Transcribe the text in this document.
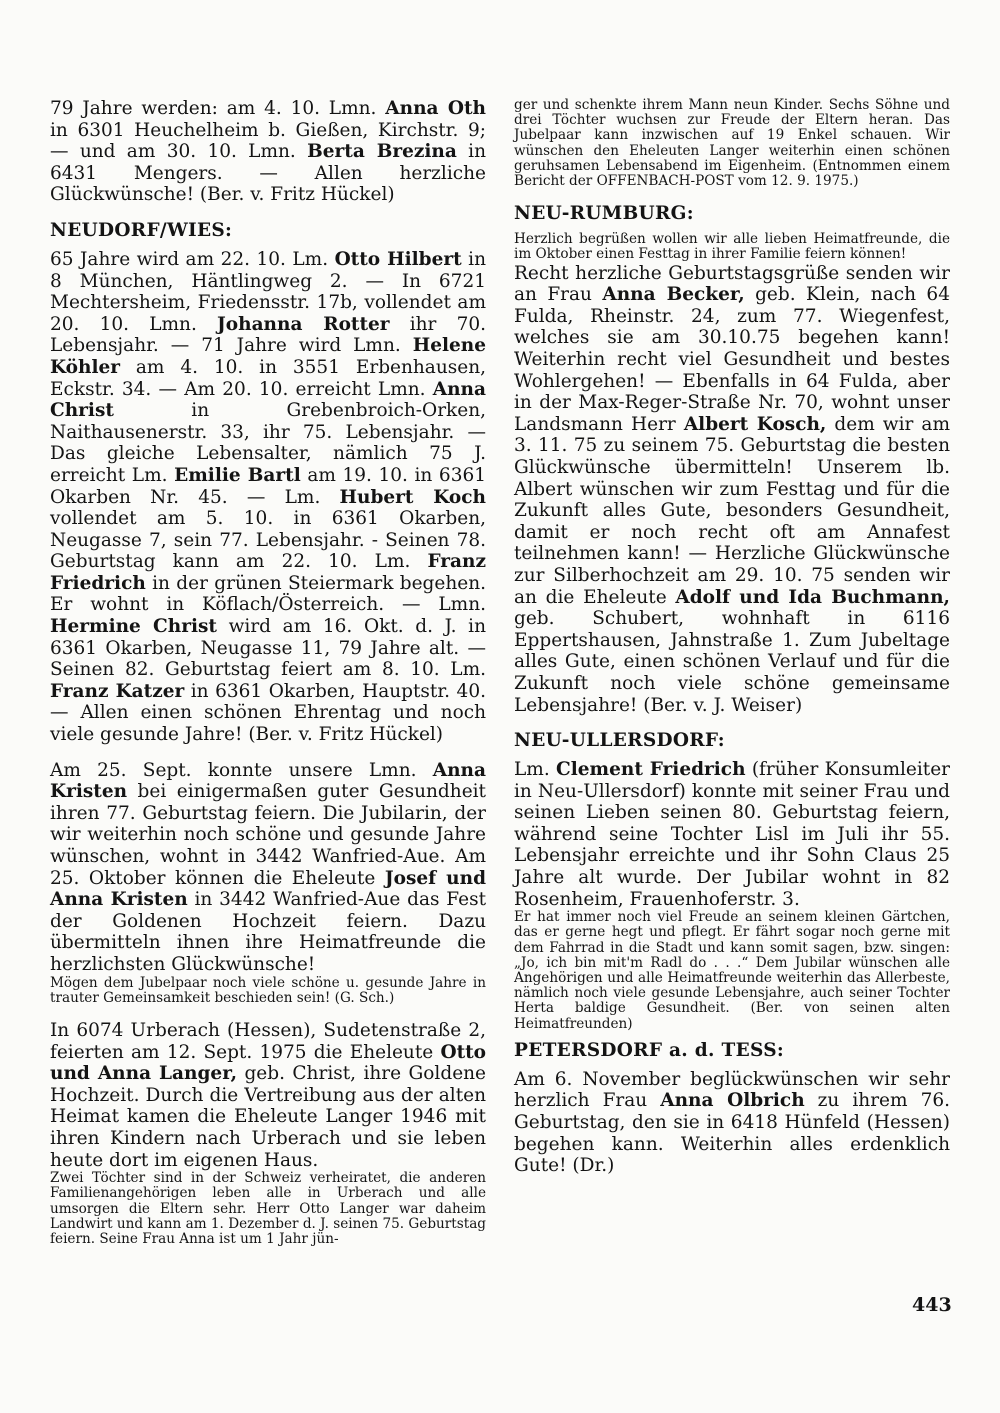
79 Jahre werden: am 4. 10. Lmn. Anna Oth in 6301 Heuchelheim b. Gießen, Kirchstr. 9; — und am 30. 10. Lmn. Berta Brezina in 6431 Mengers. — Allen herzliche Glückwünsche! (Ber. v. Fritz Hückel)

NEUDORF/WIES:

65 Jahre wird am 22. 10. Lm. Otto Hilbert in 8 München, Häntlingweg 2. — In 6721 Mechtersheim, Friedensstr. 17b, vollendet am 20. 10. Lmn. Johanna Rotter ihr 70. Lebensjahr. — 71 Jahre wird Lmn. Helene Köhler am 4. 10. in 3551 Erbenhausen, Eckstr. 34. — Am 20. 10. erreicht Lmn. Anna Christ in Grebenbroich-Orken, Naithausenerstr. 33, ihr 75. Lebensjahr. — Das gleiche Lebensalter, nämlich 75 J. erreicht Lm. Emilie Bartl am 19. 10. in 6361 Okarben Nr. 45. — Lm. Hubert Koch vollendet am 5. 10. in 6361 Okarben, Neugasse 7, sein 77. Lebensjahr. - Seinen 78. Geburtstag kann am 22. 10. Lm. Franz Friedrich in der grünen Steiermark begehen. Er wohnt in Köflach/Österreich. — Lmn. Hermine Christ wird am 16. Okt. d. J. in 6361 Okarben, Neugasse 11, 79 Jahre alt. — Seinen 82. Geburtstag feiert am 8. 10. Lm. Franz Katzer in 6361 Okarben, Hauptstr. 40. — Allen einen schönen Ehrentag und noch viele gesunde Jahre! (Ber. v. Fritz Hückel)

Am 25. Sept. konnte unsere Lmn. Anna Kristen bei einigermaßen guter Gesundheit ihren 77. Geburtstag feiern. Die Jubilarin, der wir weiterhin noch schöne und gesunde Jahre wünschen, wohnt in 3442 Wanfried-Aue. Am 25. Oktober können die Eheleute Josef und Anna Kristen in 3442 Wanfried-Aue das Fest der Goldenen Hochzeit feiern. Dazu übermitteln ihnen ihre Heimatfreunde die herzlichsten Glückwünsche!

Mögen dem Jubelpaar noch viele schöne u. gesunde Jahre in trauter Gemeinsamkeit beschieden sein! (G. Sch.)

In 6074 Urberach (Hessen), Sudetenstraße 2, feierten am 12. Sept. 1975 die Eheleute Otto und Anna Langer, geb. Christ, ihre Goldene Hochzeit. Durch die Vertreibung aus der alten Heimat kamen die Eheleute Langer 1946 mit ihren Kindern nach Urberach und sie leben heute dort im eigenen Haus.

Zwei Töchter sind in der Schweiz verheiratet, die anderen Familienangehörigen leben alle in Urberach und alle umsorgen die Eltern sehr. Herr Otto Langer war daheim Landwirt und kann am 1. Dezember d. J. seinen 75. Geburtstag feiern. Seine Frau Anna ist um 1 Jahr jün-

ger und schenkte ihrem Mann neun Kinder. Sechs Söhne und drei Töchter wuchsen zur Freude der Eltern heran. Das Jubelpaar kann inzwischen auf 19 Enkel schauen. Wir wünschen den Eheleuten Langer weiterhin einen schönen geruhsamen Lebensabend im Eigenheim. (Entnommen einem Bericht der OFFENBACH-POST vom 12. 9. 1975.)

NEU-RUMBURG:

Herzlich begrüßen wollen wir alle lieben Heimatfreunde, die im Oktober einen Festtag in ihrer Familie feiern können!

Recht herzliche Geburtstagsgrüße senden wir an Frau Anna Becker, geb. Klein, nach 64 Fulda, Rheinstr. 24, zum 77. Wiegenfest, welches sie am 30.10.75 begehen kann! Weiterhin recht viel Gesundheit und bestes Wohlergehen! — Ebenfalls in 64 Fulda, aber in der Max-Reger-Straße Nr. 70, wohnt unser Landsmann Herr Albert Kosch, dem wir am 3. 11. 75 zu seinem 75. Geburtstag die besten Glückwünsche übermitteln! Unserem lb. Albert wünschen wir zum Festtag und für die Zukunft alles Gute, besonders Gesundheit, damit er noch recht oft am Annafest teilnehmen kann! — Herzliche Glückwünsche zur Silberhochzeit am 29. 10. 75 senden wir an die Eheleute Adolf und Ida Buchmann, geb. Schubert, wohnhaft in 6116 Eppertshausen, Jahnstraße 1. Zum Jubeltage alles Gute, einen schönen Verlauf und für die Zukunft noch viele schöne gemeinsame Lebensjahre! (Ber. v. J. Weiser)

NEU-ULLERSDORF:

Lm. Clement Friedrich (früher Konsumleiter in Neu-Ullersdorf) konnte mit seiner Frau und seinen Lieben seinen 80. Geburtstag feiern, während seine Tochter Lisl im Juli ihr 55. Lebensjahr erreichte und ihr Sohn Claus 25 Jahre alt wurde. Der Jubilar wohnt in 82 Rosenheim, Frauenhoferstr. 3.

Er hat immer noch viel Freude an seinem kleinen Gärtchen, das er gerne hegt und pflegt. Er fährt sogar noch gerne mit dem Fahrrad in die Stadt und kann somit sagen, bzw. singen: „Jo, ich bin mit'm Radl do . . .“ Dem Jubilar wünschen alle Angehörigen und alle Heimatfreunde weiterhin das Allerbeste, nämlich noch viele gesunde Lebensjahre, auch seiner Tochter Herta baldige Gesundheit. (Ber. von seinen alten Heimatfreunden)

PETERSDORF a. d. TESS:

Am 6. November beglückwünschen wir sehr herzlich Frau Anna Olbrich zu ihrem 76. Geburtstag, den sie in 6418 Hünfeld (Hessen) begehen kann. Weiterhin alles erdenklich Gute! (Dr.)

443
